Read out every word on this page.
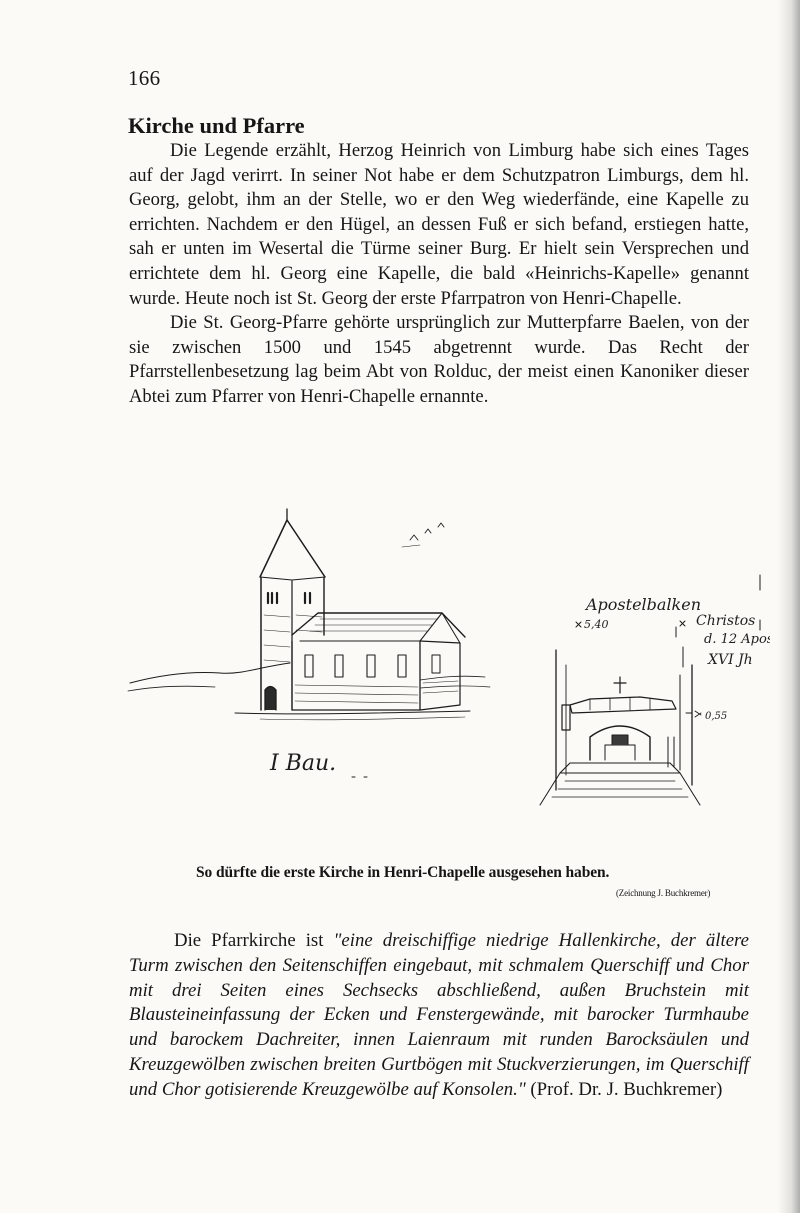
166
Kirche und Pfarre

Die Legende erzählt, Herzog Heinrich von Limburg habe sich eines Tages auf der Jagd verirrt. In seiner Not habe er dem Schutzpatron Limburgs, dem hl. Georg, gelobt, ihm an der Stelle, wo er den Weg wiederfände, eine Kapelle zu errichten. Nachdem er den Hügel, an dessen Fuß er sich befand, erstiegen hatte, sah er unten im Wesertal die Türme seiner Burg. Er hielt sein Versprechen und errichtete dem hl. Georg eine Kapelle, die bald «Heinrichs-Kapelle» genannt wurde. Heute noch ist St. Georg der erste Pfarrpatron von Henri-Chapelle.

Die St. Georg-Pfarre gehörte ursprünglich zur Mutterpfarre Baelen, von der sie zwischen 1500 und 1545 abgetrennt wurde. Das Recht der Pfarrstellenbesetzung lag beim Abt von Rolduc, der meist einen Kanoniker dieser Abtei zum Pfarrer von Henri-Chapelle ernannte.

I Bau.
Apostelbalken
5,40	Christos
d. 12 Apos
XVI Jh
0,55
So dürfte die erste Kirche in Henri-Chapelle ausgesehen haben.
(Zeichnung J. Buchkremer)

Die Pfarrkirche ist "eine dreischiffige niedrige Hallenkirche, der ältere Turm zwischen den Seitenschiffen eingebaut, mit schmalem Querschiff und Chor mit drei Seiten eines Sechsecks abschließend, außen Bruchstein mit Blausteineinfassung der Ecken und Fenstergewände, mit barocker Turmhaube und barockem Dachreiter, innen Laienraum mit runden Barocksäulen und Kreuzgewölben zwischen breiten Gurtbögen mit Stuckverzierungen, im Querschiff und Chor gotisierende Kreuzgewölbe auf Konsolen." (Prof. Dr. J. Buchkremer)
